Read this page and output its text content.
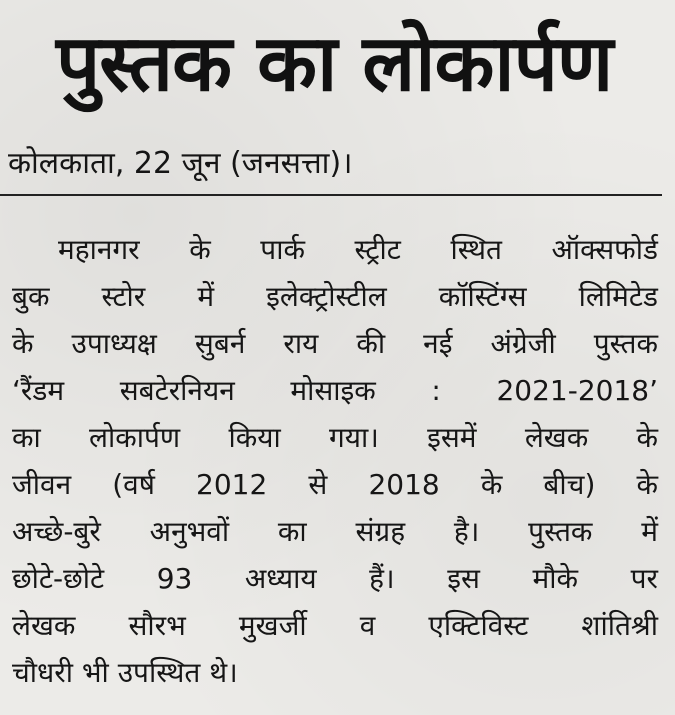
पुस्तक का लोकार्पण
कोलकाता, 22 जून (जनसत्ता)।
महानगर के पार्क स्ट्रीट स्थित ऑक्सफोर्ड
बुक स्टोर में इलेक्ट्रोस्टील कॉस्टिंग्स लिमिटेड
के उपाध्यक्ष सुबर्न राय की नई अंग्रेजी पुस्तक
‘रैंडम सबटेरनियन मोसाइक : 2021-2018’
का लोकार्पण किया गया। इसमें लेखक के
जीवन (वर्ष 2012 से 2018 के बीच) के
अच्छे-बुरे अनुभवों का संग्रह है। पुस्तक में
छोटे-छोटे 93 अध्याय हैं। इस मौके पर
लेखक सौरभ मुखर्जी व एक्टिविस्ट शांतिश्री
चौधरी भी उपस्थित थे।
